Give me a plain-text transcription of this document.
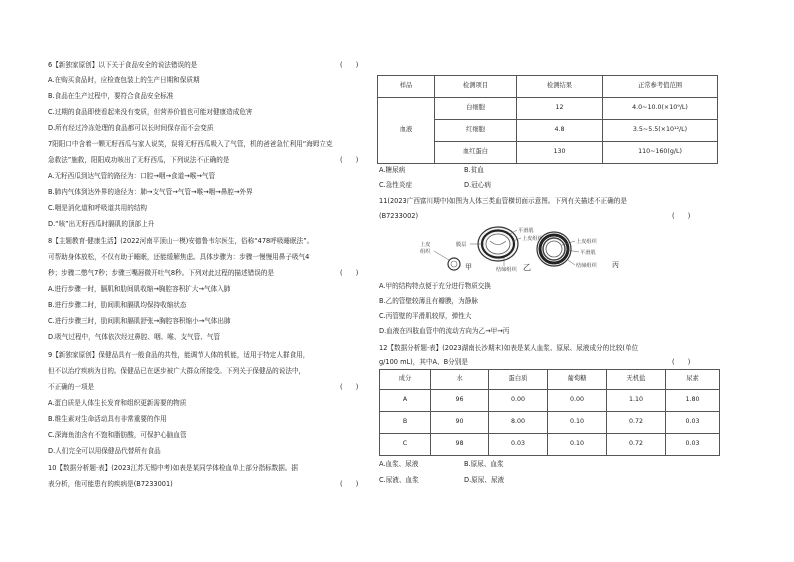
6【新独家原创】以下关于食品安全的说法错误的是	(　　)
A.在购买食品时，应检查包装上的生产日期和保质期
B.食品在生产过程中，要符合食品安全标准
C.过期的食品即使看起来没有变质，但营养价值也可能对健康造成危害
D.所有经过冷冻处理的食品都可以长时间保存而不会变质
7阳阳口中含着一颗无籽西瓜与家人说笑，误将无籽西瓜吸入了气管，机的爸爸急忙利用“海姆立克
急救法”施救，阳阳成功咳出了无籽西瓜，下列说法不正确的是	(　　)
A.无籽西瓜到达气管的路径为：口腔→咽→食道→喉→气管
B.肺内气体到达外界的途径为：肺→支气管→气管→喉→咽→鼻腔→外界
C.咽是消化道和呼吸道共用的结构
D.“咳”出无籽西瓜时膈肌的顶部上升
8【主题教育·健康生活】(2022河南平顶山一模)安德鲁韦尔医生，俗称“478呼吸睡眠法”。
可帮助身体放松，不仅有助于睡眠，还能缓解焦虑。具体步骤为：步骤一慢慢用鼻子吸气4
秒；步骤二憋气7秒；步骤三嘴唇微开吐气8秒。下列对此过程的描述错误的是	(　　)
A.进行步骤一时，膈肌和肋间肌收缩→胸腔容积扩大→气体入肺
B.进行步骤二时，肋间肌和膈肌均保持收缩状态
C.进行步骤三时，肋间肌和膈肌舒张→胸腔容积缩小→气体出肺
D.吸气过程中，气体依次经过鼻腔、咽、喉、支气管、气管
9【新独家原创】保健品具有一般食品的共性，能调节人体的机能，适用于特定人群食用，
但不以治疗疾病为目的。保健品已在逐步被广大群众所接受。下列关于保健品的说法中，
不正确的一项是	(　　)
A.蛋白质是人体生长发育和组织更新需要的物质
B.维生素对生命活动具有非常重要的作用
C.深海鱼油含有不饱和脂肪酸，可保护心脑血管
D.人们完全可以用保健品代替所有食品
10【数据分析题·表】(2023江苏无锡中考)如表是某同学体检血单上部分指标数据。据
表分析，他可能患有的疾病是(B7233001)	(　　)
样品	检测项目	检测结果	正常参考值范围
血液	白细胞	12	4.0~10.0(×10⁹/L)
	红细胞	4.8	3.5~5.5(×10¹²/L)
	血红蛋白	130	110~160(g/L)
A.糖尿病	B.贫血
C.急性炎症	D.冠心病
11(2023广西富川期中)如图为人体三类血管横切面示意图。下列有关描述不正确的是
(B7233002)	(　　)
上皮
组织
甲
膜层
平滑肌
上皮组织
结缔组织 乙
上皮组织
平滑肌
结缔组织 丙
A.甲的结构特点便于充分进行物质交换
B.乙的管壁较薄且有瓣膜，为静脉
C.丙管壁的平滑肌较厚，弹性大
D.血液在四肢血管中的流动方向为乙→甲→丙
12【数据分析题·表】(2023湖南长沙期末)如表是某人血浆、原尿、尿液成分的比较(单位
g/100 mL)，其中A、B分别是	(　　)
成分	水	蛋白质	葡萄糖	无机盐	尿素
A	96	0.00	0.00	1.10	1.80
B	90	8.00	0.10	0.72	0.03
C	98	0.03	0.10	0.72	0.03
A.血浆、尿液	B.原尿、血浆
C.尿液、血浆	D.原尿、尿液
